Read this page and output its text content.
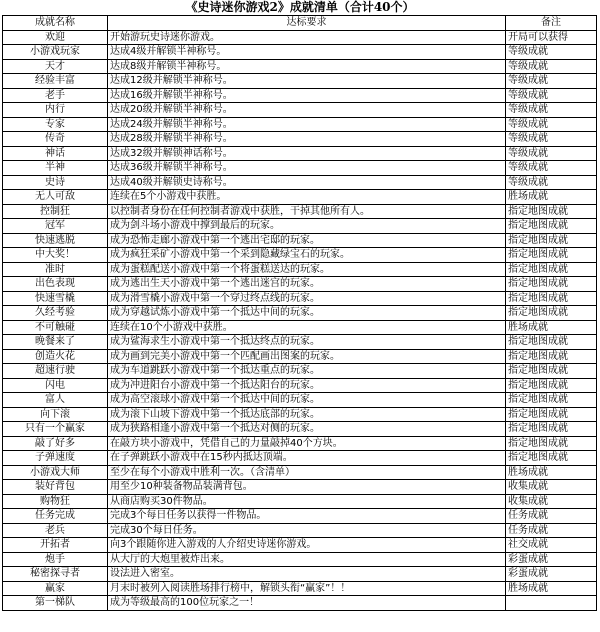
《史诗迷你游戏2》成就清单（合计40个）
成就名称	达标要求	备注
欢迎	开始游玩史诗迷你游戏。	开局可以获得
小游戏玩家	达成4级并解锁半神称号。	等级成就
天才	达成8级并解锁半神称号。	等级成就
经验丰富	达成12级并解锁半神称号。	等级成就
老手	达成16级并解锁半神称号。	等级成就
内行	达成20级并解锁半神称号。	等级成就
专家	达成24级并解锁半神称号。	等级成就
传奇	达成28级并解锁半神称号。	等级成就
神话	达成32级并解锁神话称号。	等级成就
半神	达成36级并解锁半神称号。	等级成就
史诗	达成40级并解锁史诗称号。	等级成就
无人可敌	连续在5个小游戏中获胜。	胜场成就
控制狂	以控制者身份在任何控制者游戏中获胜，干掉其他所有人。	指定地图成就
冠军	成为剑斗场小游戏中撑到最后的玩家。	指定地图成就
快速逃脱	成为恐怖走廊小游戏中第一个逃出宅邸的玩家。	指定地图成就
中大奖！	成为疯狂采矿小游戏中第一个采到隐藏绿宝石的玩家。	指定地图成就
准时	成为蛋糕配送小游戏中第一个将蛋糕送达的玩家。	指定地图成就
出色表现	成为逃出生天小游戏中第一个逃出迷宫的玩家。	指定地图成就
快速雪橇	成为滑雪橇小游戏中第一个穿过终点线的玩家。	指定地图成就
久经考验	成为穿越试炼小游戏中第一个抵达中间的玩家。	指定地图成就
不可触碰	连续在10个小游戏中获胜。	胜场成就
晚餐来了	成为鲨海求生小游戏中第一个抵达终点的玩家。	指定地图成就
创造火花	成为画到完美小游戏中第一个匹配画出图案的玩家。	指定地图成就
超速行驶	成为车道跳跃小游戏中第一个抵达重点的玩家。	指定地图成就
闪电	成为冲进阳台小游戏中第一个抵达阳台的玩家。	指定地图成就
富人	成为高空滚球小游戏中第一个抵达中间的玩家。	指定地图成就
向下滚	成为滚下山坡下游戏中第一个抵达底部的玩家。	指定地图成就
只有一个赢家	成为狭路相逢小游戏中第一个抵达对侧的玩家。	指定地图成就
敲了好多	在敲方块小游戏中，凭借自己的力量敲掉40个方块。	指定地图成就
子弹速度	在子弹跳跃小游戏中在15秒内抵达顶端。	指定地图成就
小游戏大师	至少在每个小游戏中胜利一次。（含清单）	胜场成就
装好背包	用至少10种装备物品装满背包。	收集成就
购物狂	从商店购买30件物品。	收集成就
任务完成	完成3个每日任务以获得一件物品。	任务成就
老兵	完成30个每日任务。	任务成就
开拓者	向3个跟随你进入游戏的人介绍史诗迷你游戏。	社交成就
炮手	从大厅的大炮里被炸出来。	彩蛋成就
秘密探寻者	设法进入密室。	彩蛋成就
赢家	月末时被列入阅读胜场排行榜中，解锁头衔“赢家”！！	胜场成就
第一梯队	成为等级最高的100位玩家之一！	
